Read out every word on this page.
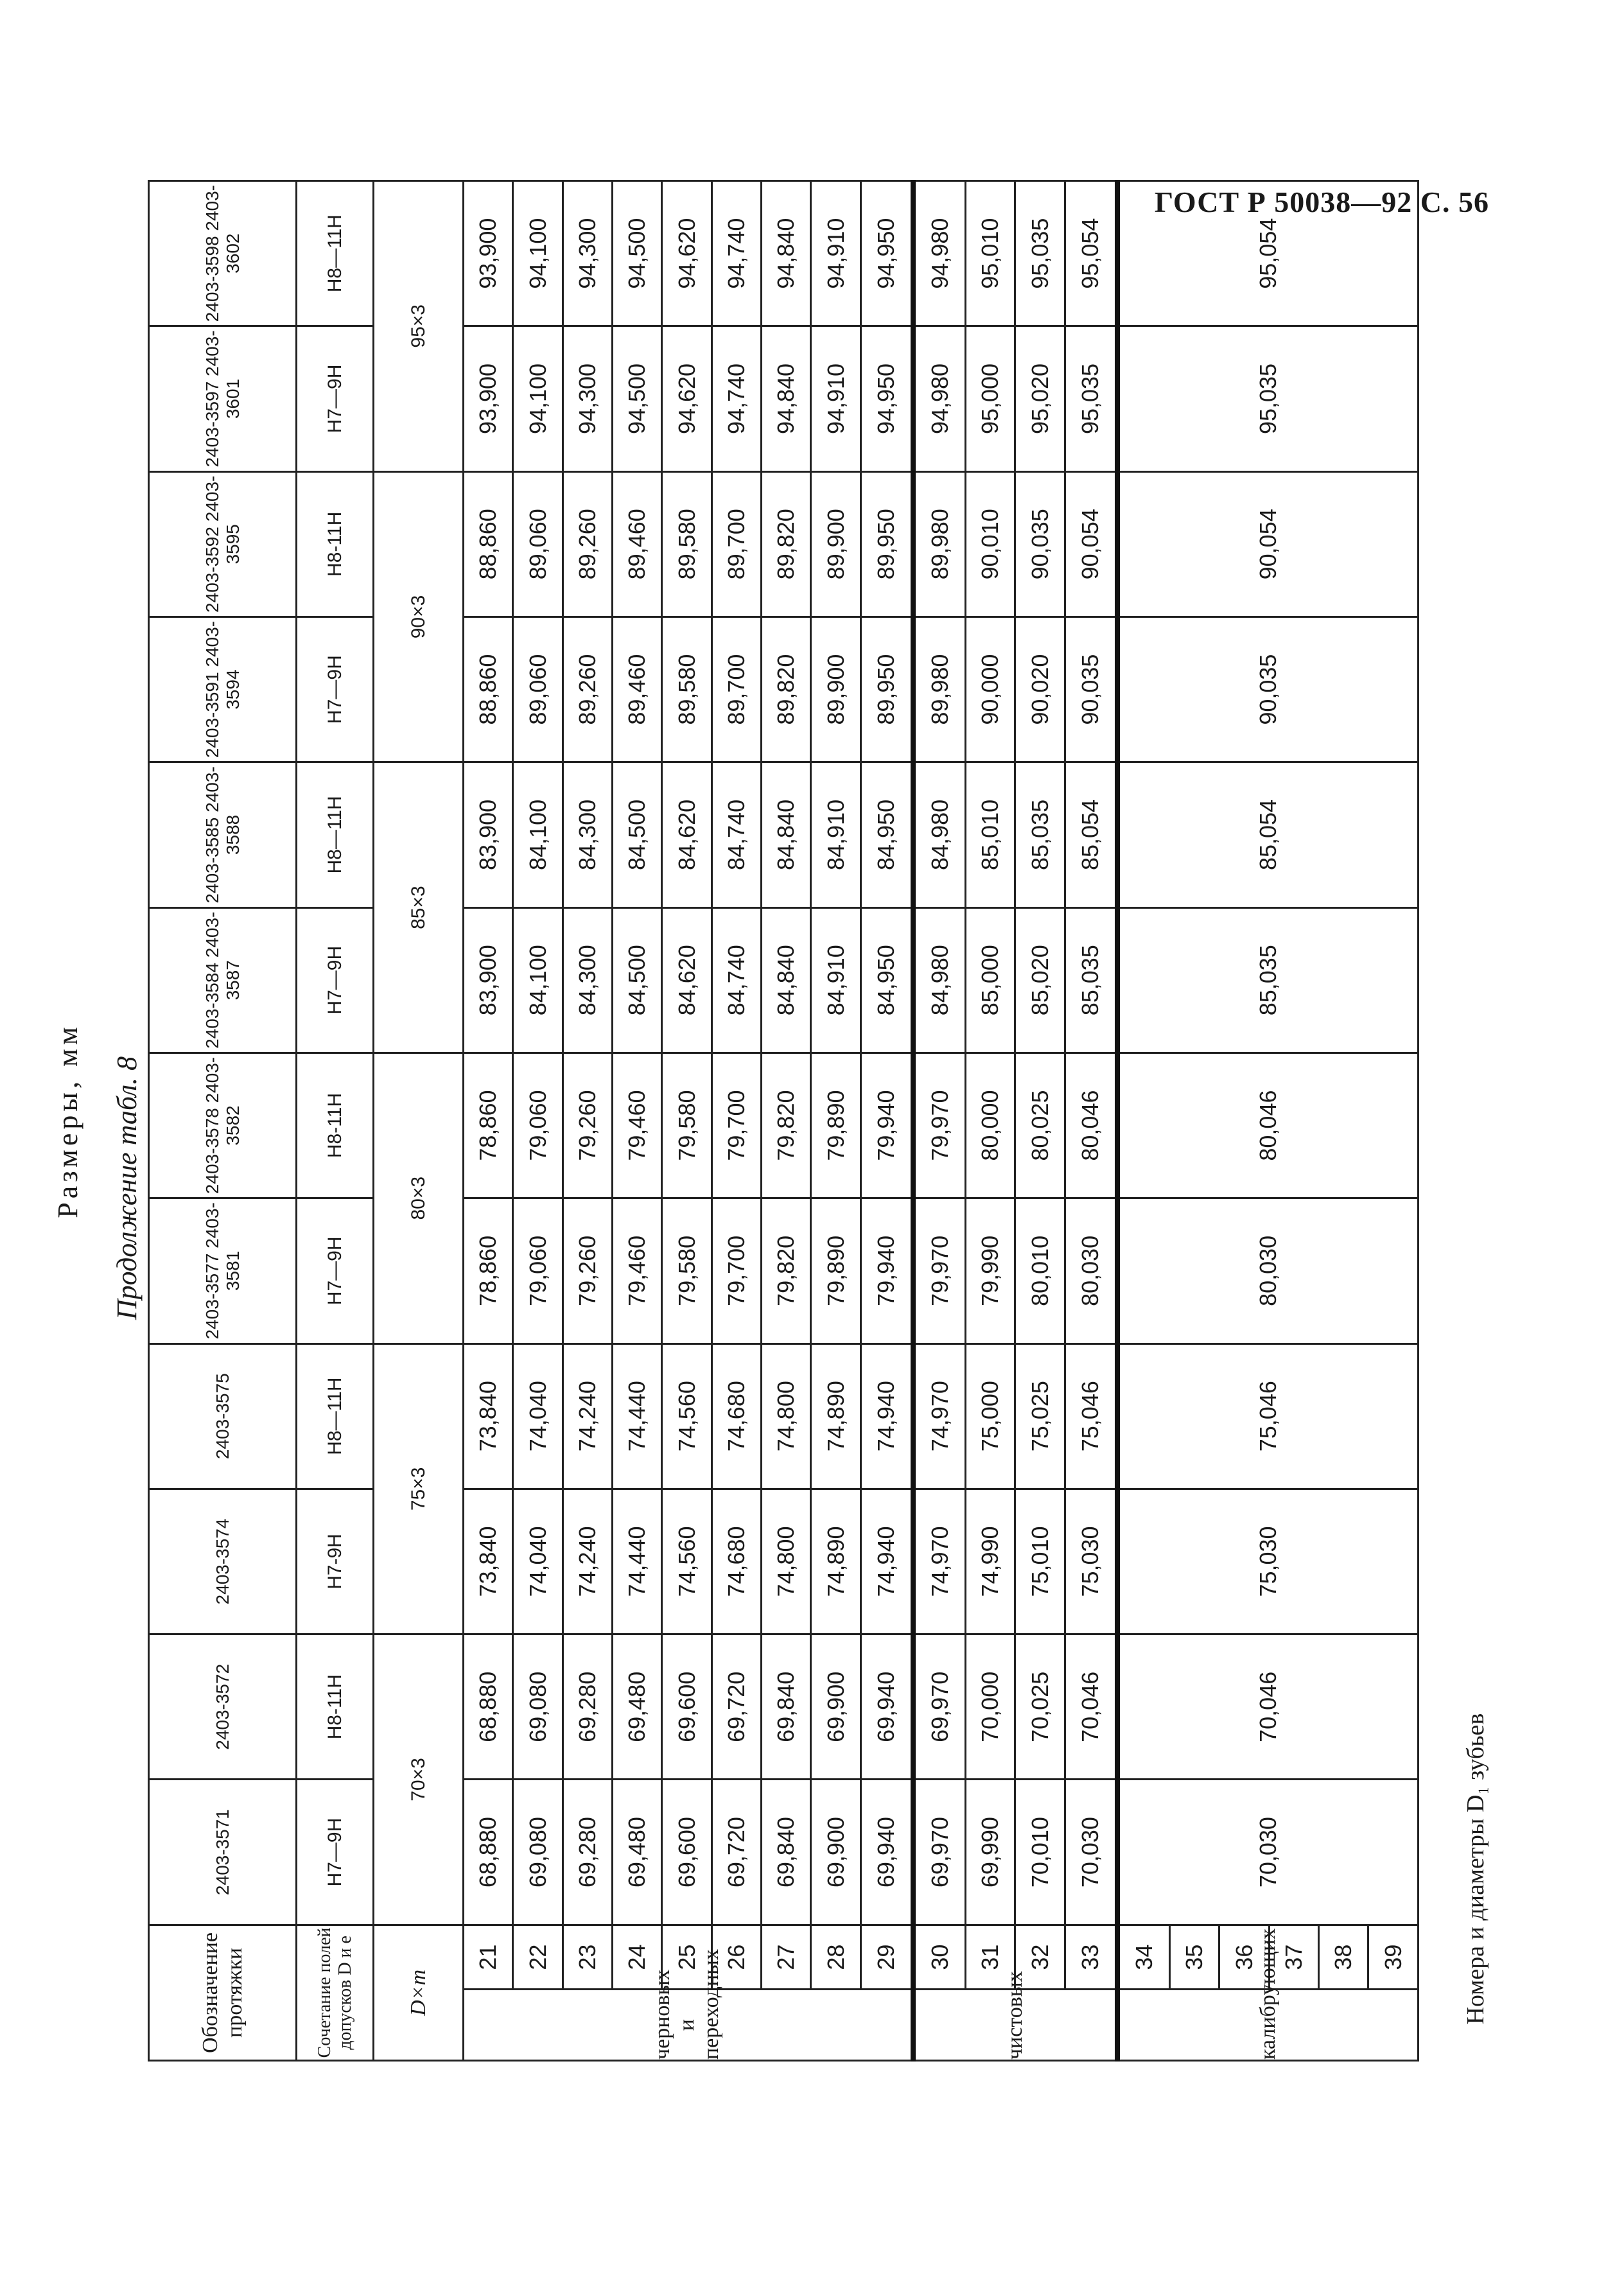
ГОСТ Р 50038—92 С. 56
Продолжение табл. 8
Размеры, мм
Номера и диаметры D₁ зубьев
Обозначение протяжки		2403-3571	2403-3572	2403-3574	2403-3575	2403-3577 2403-3581	2403-3578 2403-3582	2403-3584 2403-3587	2403-3585 2403-3588	2403-3591 2403-3594	2403-3592 2403-3595	2403-3597 2403-3601	2403-3598 2403-3602
Сочетание полей допусков D и e		H7—9H	H8-11H	H7-9H	H8—11H	H7—9H	H8-11H	H7—9H	H8—11H	H7—9H	H8-11H	H7—9H	H8—11H
D×m		70×3		75×3		80×3		85×3		90×3		95×3	
черновых и переходных	21	68,880	68,880	73,840	73,840	78,860	78,860	83,900	83,900	88,860	88,860	93,900	93,900
	22	69,080	69,080	74,040	74,040	79,060	79,060	84,100	84,100	89,060	89,060	94,100	94,100
	23	69,280	69,280	74,240	74,240	79,260	79,260	84,300	84,300	89,260	89,260	94,300	94,300
	24	69,480	69,480	74,440	74,440	79,460	79,460	84,500	84,500	89,460	89,460	94,500	94,500
	25	69,600	69,600	74,560	74,560	79,580	79,580	84,620	84,620	89,580	89,580	94,620	94,620
	26	69,720	69,720	74,680	74,680	79,700	79,700	84,740	84,740	89,700	89,700	94,740	94,740
	27	69,840	69,840	74,800	74,800	79,820	79,820	84,840	84,840	89,820	89,820	94,840	94,840
	28	69,900	69,900	74,890	74,890	79,890	79,890	84,910	84,910	89,900	89,900	94,910	94,910
	29	69,940	69,940	74,940	74,940	79,940	79,940	84,950	84,950	89,950	89,950	94,950	94,950
чистовых	30	69,970	69,970	74,970	74,970	79,970	79,970	84,980	84,980	89,980	89,980	94,980	94,980
	31	69,990	70,000	74,990	75,000	79,990	80,000	85,000	85,010	90,000	90,010	95,000	95,010
	32	70,010	70,025	75,010	75,025	80,010	80,025	85,020	85,035	90,020	90,035	95,020	95,035
	33	70,030	70,046	75,030	75,046	80,030	80,046	85,035	85,054	90,035	90,054	95,035	95,054
калибрующих	34	70,030	70,046	75,030	75,046	80,030	80,046	85,035	85,054	90,035	90,054	95,035	95,054
	35												
	36												
	37												
	38												
	39												
